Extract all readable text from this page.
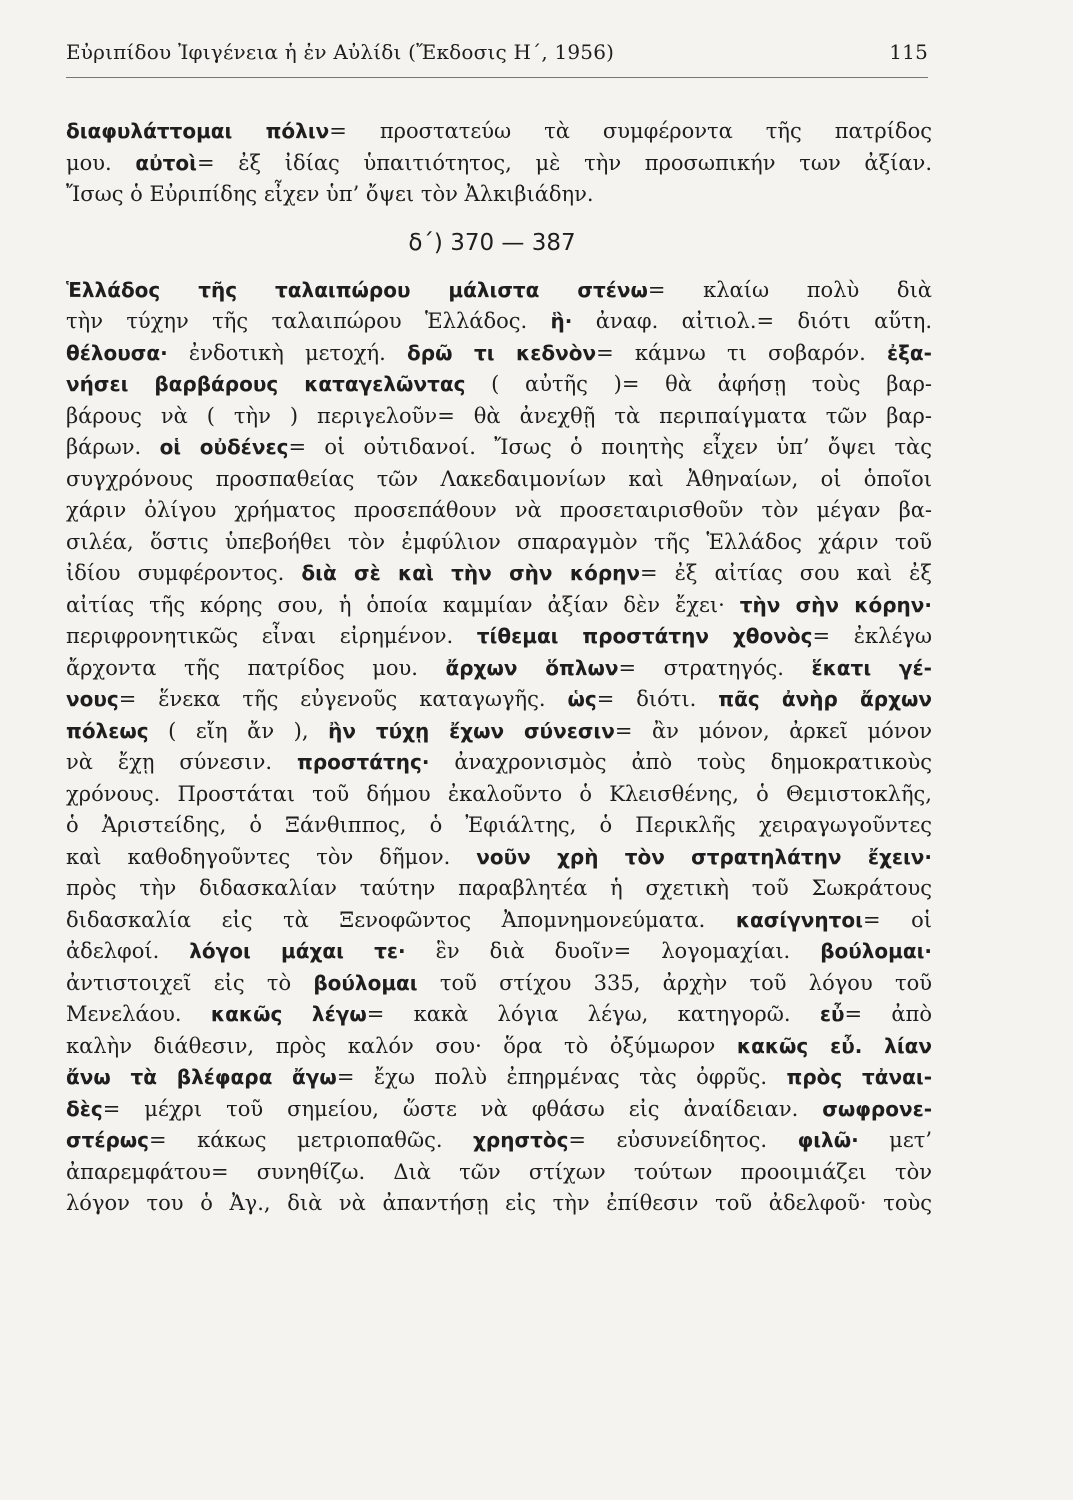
Εὐριπίδου Ἰφιγένεια ἡ ἐν Αὐλίδι (Ἔκδοσις Η΄, 1956)	115
διαφυλάττομαι πόλιν= προστατεύω τὰ συμφέροντα τῆς πατρίδος
μου. αὐτοὶ= ἐξ ἰδίας ὑπαιτιότητος, μὲ τὴν προσωπικήν των ἀξίαν.
Ἴσως ὁ Εὐριπίδης εἶχεν ὑπ’ ὄψει τὸν Ἀλκιβιάδην.
δ΄) 370 — 387
Ἑλλάδος τῆς ταλαιπώρου μάλιστα στένω= κλαίω πολὺ διὰ
τὴν τύχην τῆς ταλαιπώρου Ἑλλάδος. ἣ· ἀναφ. αἰτιολ.= διότι αὕτη.
θέλουσα· ἐνδοτικὴ μετοχή. δρῶ τι κεδνὸν= κάμνω τι σοβαρόν. ἐξα-
νήσει βαρβάρους καταγελῶντας ( αὐτῆς )= θὰ ἀφήσῃ τοὺς βαρ-
βάρους νὰ ( τὴν ) περιγελοῦν= θὰ ἀνεχθῇ τὰ περιπαίγματα τῶν βαρ-
βάρων. οἱ οὐδένες= οἱ οὐτιδανοί. Ἴσως ὁ ποιητὴς εἶχεν ὑπ’ ὄψει τὰς
συγχρόνους προσπαθείας τῶν Λακεδαιμονίων καὶ Ἀθηναίων, οἱ ὁποῖοι
χάριν ὀλίγου χρήματος προσεπάθουν νὰ προσεταιρισθοῦν τὸν μέγαν βα-
σιλέα, ὅστις ὑπεβοήθει τὸν ἐμφύλιον σπαραγμὸν τῆς Ἑλλάδος χάριν τοῦ
ἰδίου συμφέροντος. διὰ σὲ καὶ τὴν σὴν κόρην= ἐξ αἰτίας σου καὶ ἐξ
αἰτίας τῆς κόρης σου, ἡ ὁποία καμμίαν ἀξίαν δὲν ἔχει· τὴν σὴν κόρην·
περιφρονητικῶς εἶναι εἰρημένον. τίθεμαι προστάτην χθονὸς= ἐκλέγω
ἄρχοντα τῆς πατρίδος μου. ἄρχων ὅπλων= στρατηγός. ἕκατι γέ-
νους= ἕνεκα τῆς εὐγενοῦς καταγωγῆς. ὡς= διότι. πᾶς ἀνὴρ ἄρχων
πόλεως ( εἴη ἄν ), ἢν τύχῃ ἔχων σύνεσιν= ἂν μόνον, ἀρκεῖ μόνον
νὰ ἔχῃ σύνεσιν. προστάτης· ἀναχρονισμὸς ἀπὸ τοὺς δημοκρατικοὺς
χρόνους. Προστάται τοῦ δήμου ἐκαλοῦντο ὁ Κλεισθένης, ὁ Θεμιστοκλῆς,
ὁ Ἀριστείδης, ὁ Ξάνθιππος, ὁ Ἐφιάλτης, ὁ Περικλῆς χειραγωγοῦντες
καὶ καθοδηγοῦντες τὸν δῆμον. νοῦν χρὴ τὸν στρατηλάτην ἔχειν·
πρὸς τὴν διδασκαλίαν ταύτην παραβλητέα ἡ σχετικὴ τοῦ Σωκράτους
διδασκαλία εἰς τὰ Ξενοφῶντος Ἀπομνημονεύματα. κασίγνητοι= οἱ
ἀδελφοί. λόγοι μάχαι τε· ἓν διὰ δυοῖν= λογομαχίαι. βούλομαι·
ἀντιστοιχεῖ εἰς τὸ βούλομαι τοῦ στίχου 335, ἀρχὴν τοῦ λόγου τοῦ
Μενελάου. κακῶς λέγω= κακὰ λόγια λέγω, κατηγορῶ. εὖ= ἀπὸ
καλὴν διάθεσιν, πρὸς καλόν σου· ὅρα τὸ ὀξύμωρον κακῶς εὖ. λίαν
ἄνω τὰ βλέφαρα ἄγω= ἔχω πολὺ ἐπηρμένας τὰς ὀφρῦς. πρὸς τἀναι-
δὲς= μέχρι τοῦ σημείου, ὥστε νὰ φθάσω εἰς ἀναίδειαν. σωφρονε-
στέρως= κάκως μετριοπαθῶς. χρηστὸς= εὐσυνείδητος. φιλῶ· μετ’
ἀπαρεμφάτου= συνηθίζω. Διὰ τῶν στίχων τούτων προοιμιάζει τὸν
λόγον του ὁ Ἀγ., διὰ νὰ ἀπαντήσῃ εἰς τὴν ἐπίθεσιν τοῦ ἀδελφοῦ· τοὺς
